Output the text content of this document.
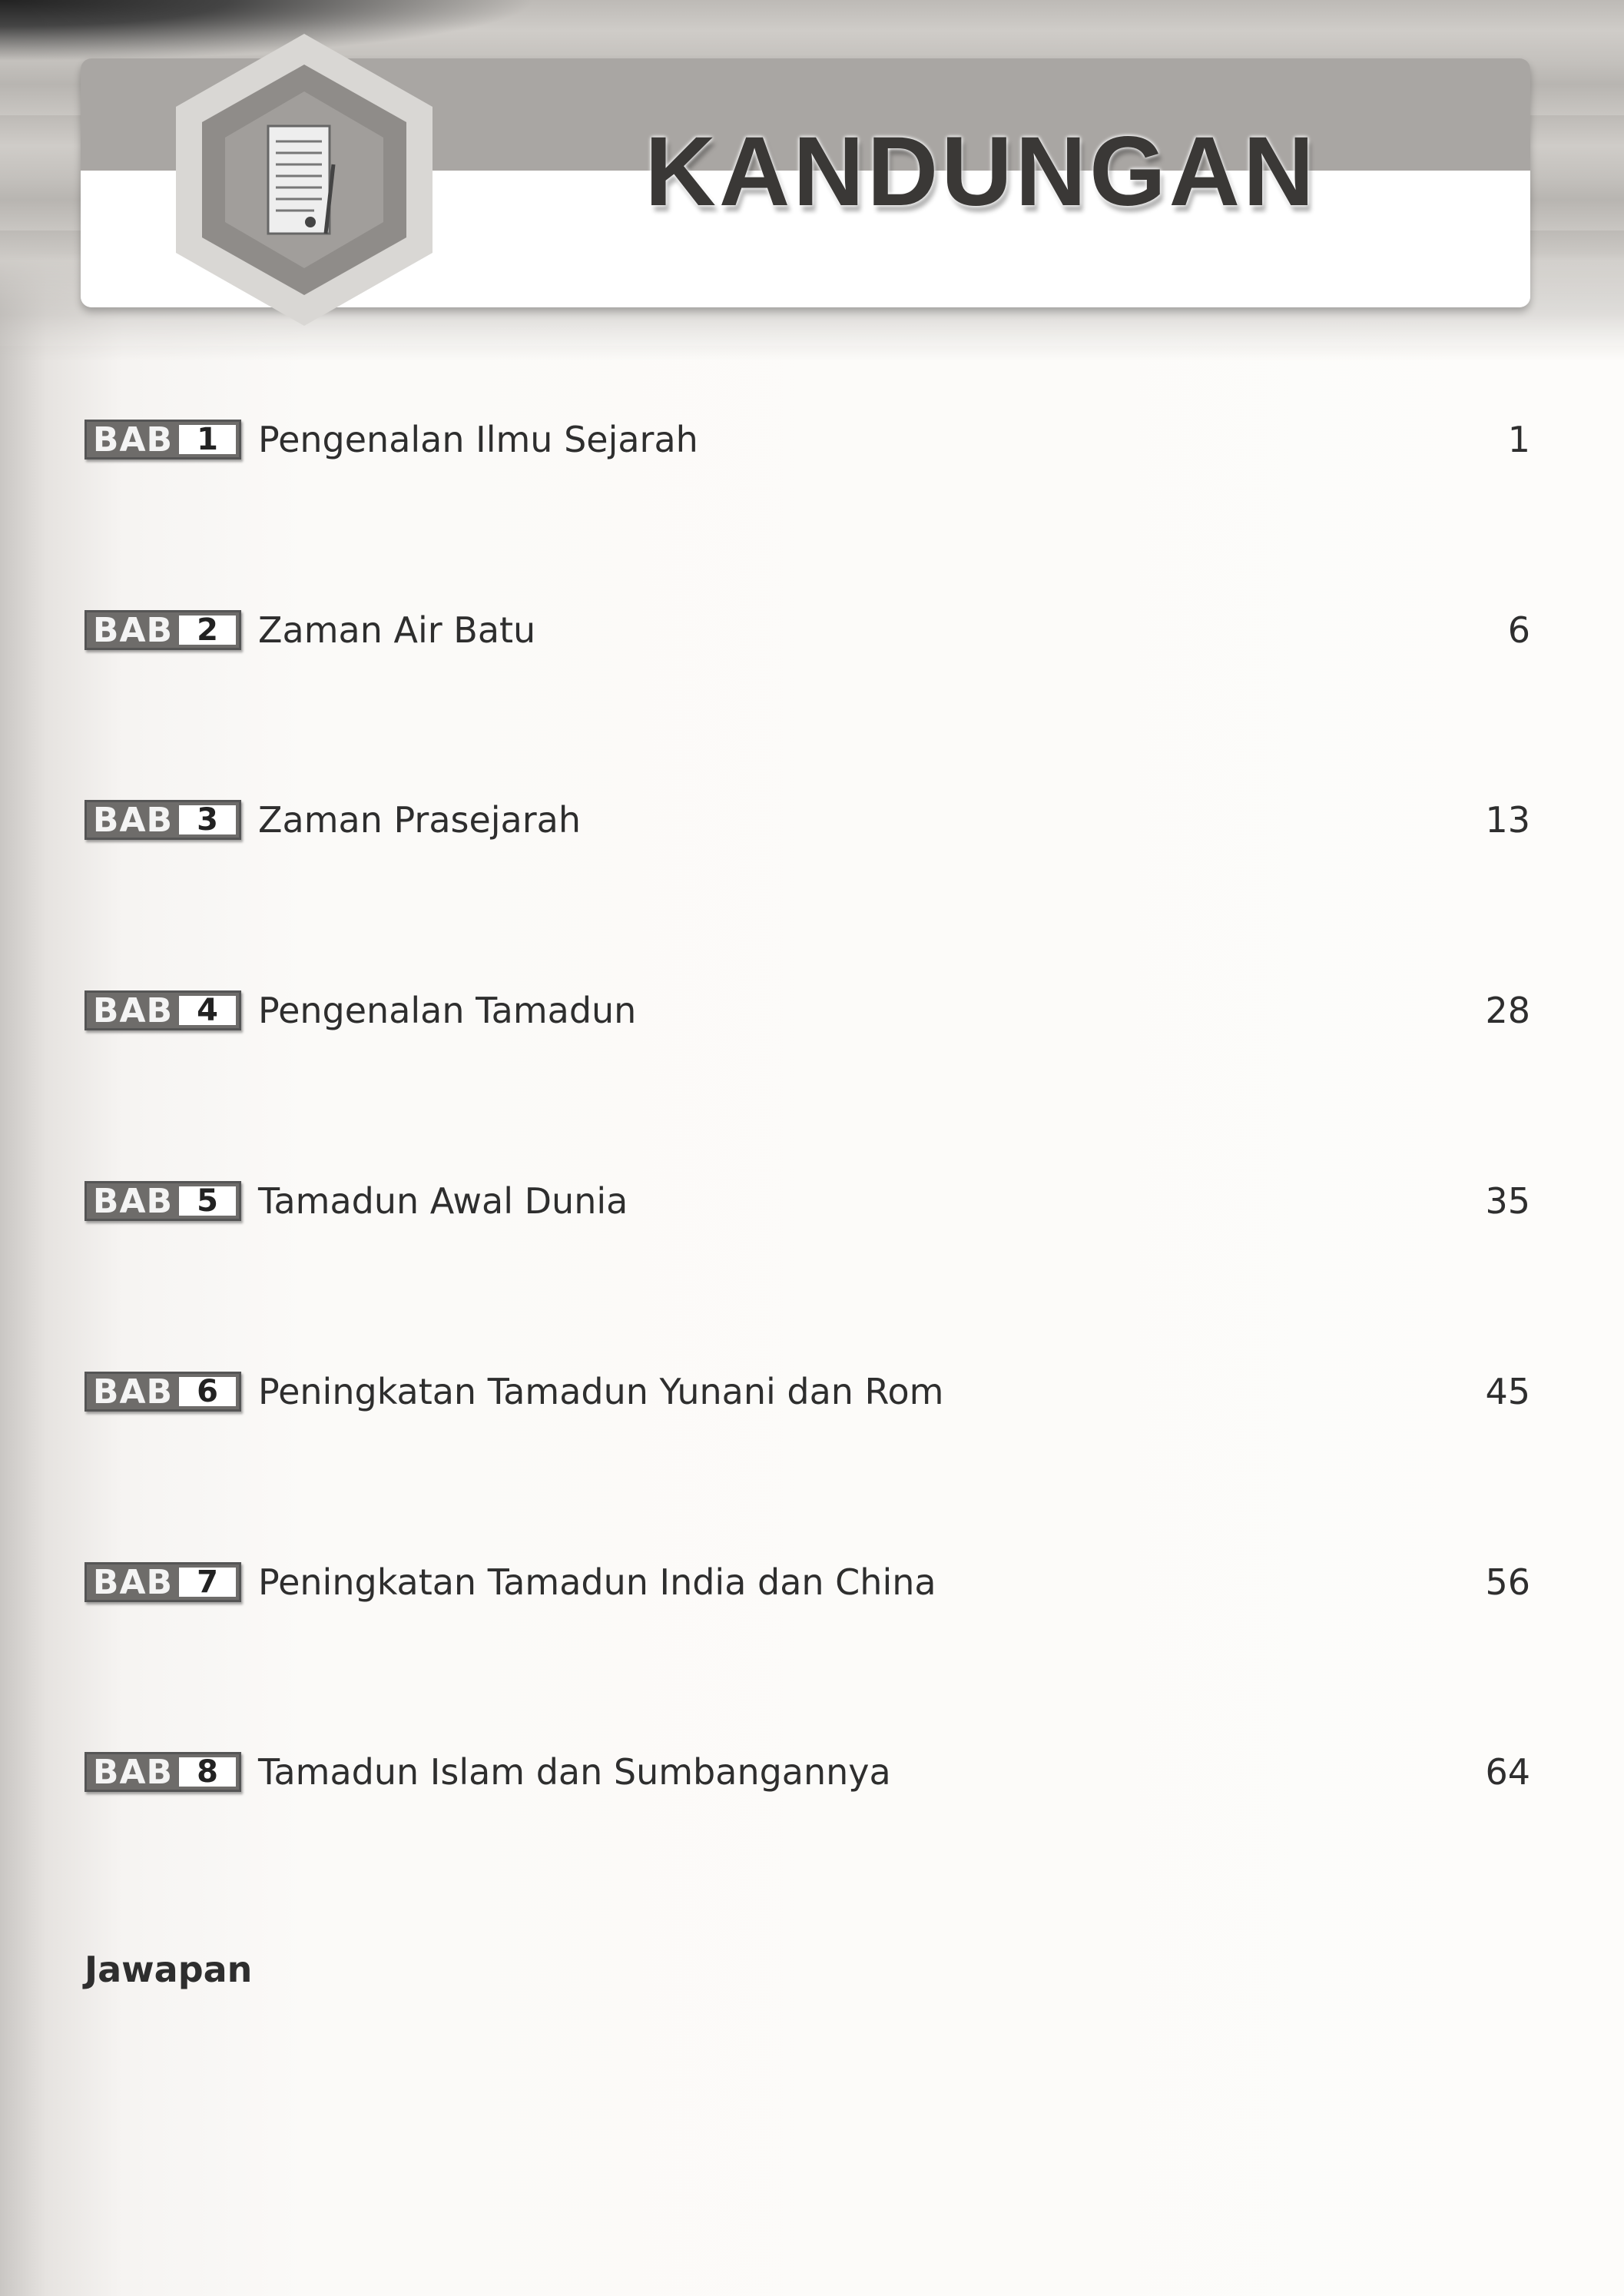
KANDUNGAN
BAB 1	Pengenalan Ilmu Sejarah	1
BAB 2	Zaman Air Batu	6
BAB 3	Zaman Prasejarah	13
BAB 4	Pengenalan Tamadun	28
BAB 5	Tamadun Awal Dunia	35
BAB 6	Peningkatan Tamadun Yunani dan Rom	45
BAB 7	Peningkatan Tamadun India dan China	56
BAB 8	Tamadun Islam dan Sumbangannya	64
Jawapan
